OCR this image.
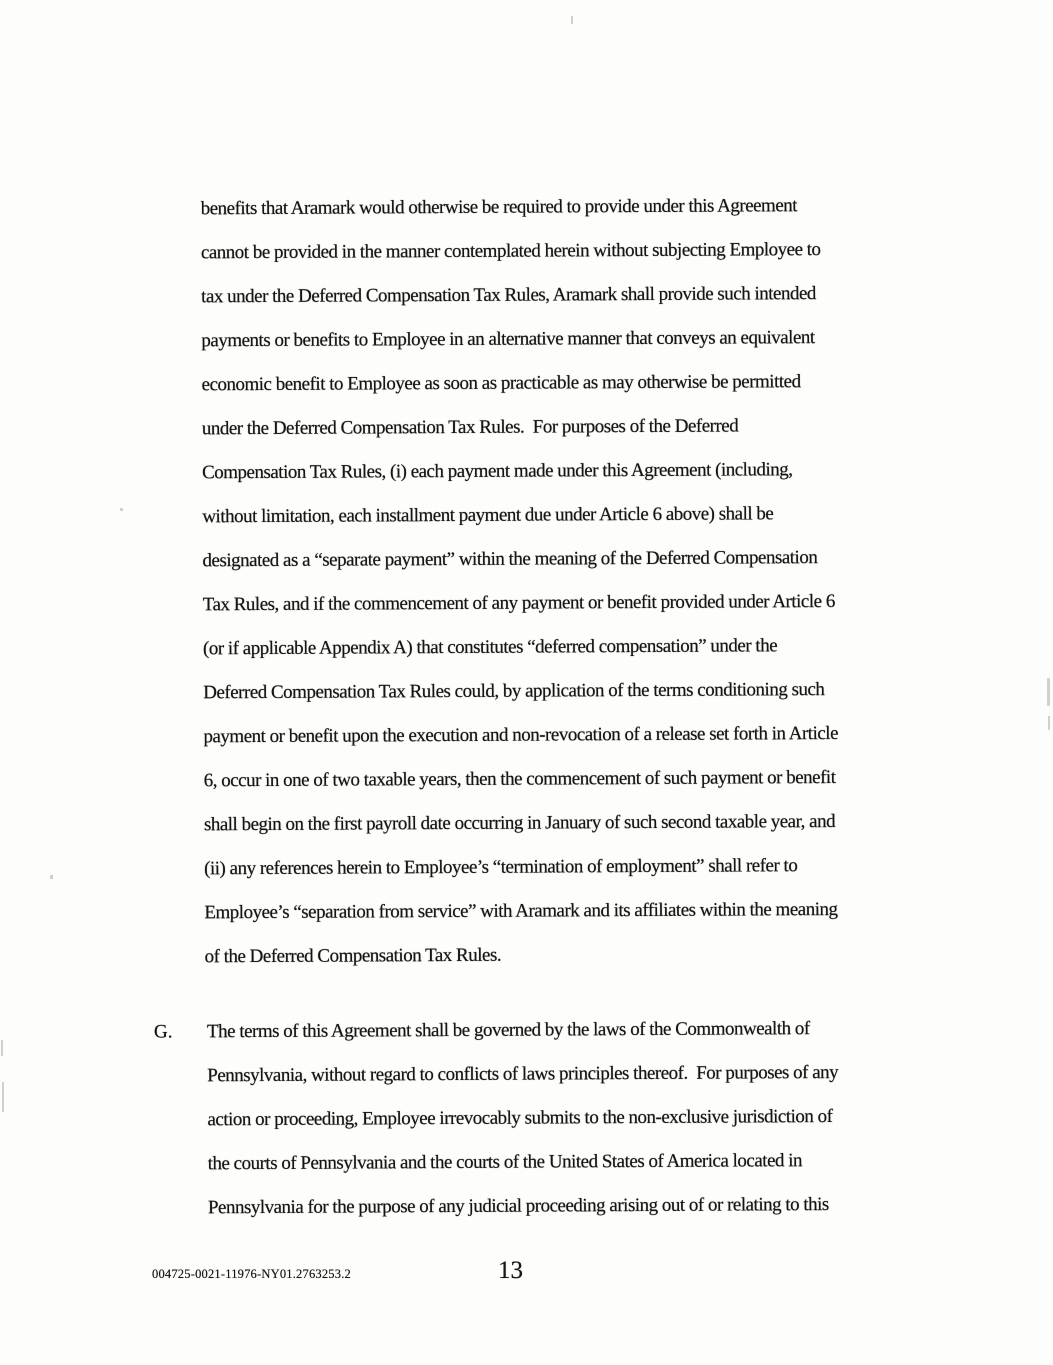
benefits that Aramark would otherwise be required to provide under this Agreement
cannot be provided in the manner contemplated herein without subjecting Employee to
tax under the Deferred Compensation Tax Rules, Aramark shall provide such intended
payments or benefits to Employee in an alternative manner that conveys an equivalent
economic benefit to Employee as soon as practicable as may otherwise be permitted
under the Deferred Compensation Tax Rules.  For purposes of the Deferred
Compensation Tax Rules, (i) each payment made under this Agreement (including,
without limitation, each installment payment due under Article 6 above) shall be
designated as a “separate payment” within the meaning of the Deferred Compensation
Tax Rules, and if the commencement of any payment or benefit provided under Article 6
(or if applicable Appendix A) that constitutes “deferred compensation” under the
Deferred Compensation Tax Rules could, by application of the terms conditioning such
payment or benefit upon the execution and non-revocation of a release set forth in Article
6, occur in one of two taxable years, then the commencement of such payment or benefit
shall begin on the first payroll date occurring in January of such second taxable year, and
(ii) any references herein to Employee’s “termination of employment” shall refer to
Employee’s “separation from service” with Aramark and its affiliates within the meaning
of the Deferred Compensation Tax Rules.
G. The terms of this Agreement shall be governed by the laws of the Commonwealth of
Pennsylvania, without regard to conflicts of laws principles thereof.  For purposes of any
action or proceeding, Employee irrevocably submits to the non-exclusive jurisdiction of
the courts of Pennsylvania and the courts of the United States of America located in
Pennsylvania for the purpose of any judicial proceeding arising out of or relating to this
004725-0021-11976-NY01.2763253.2	13
